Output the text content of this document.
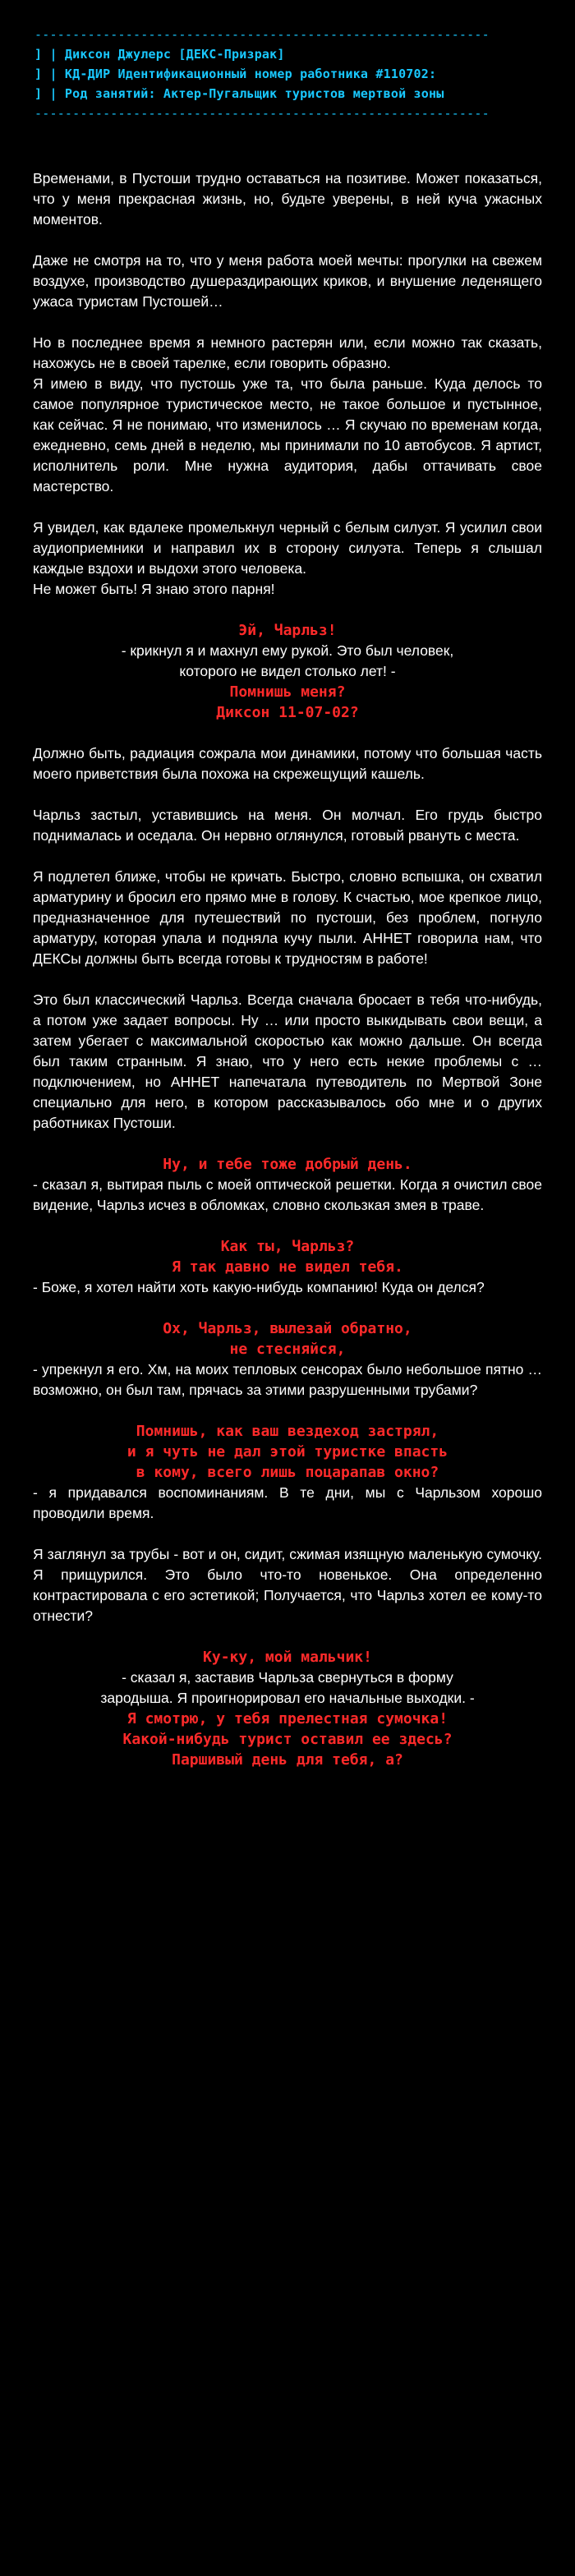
------------------------------------------------------------
] | Диксон Джулерс [ДЕКС-Призрак]
] | КД-ДИР Идентификационный номер работника #110702:
] | Род занятий: Актер-Пугальщик туристов мертвой зоны
------------------------------------------------------------

Временами, в Пустоши трудно оставаться на позитиве. Может показаться, что у меня прекрасная жизнь, но, будьте уверены, в ней куча ужасных моментов.

Даже не смотря на то, что у меня работа моей мечты: прогулки на свежем воздухе, производство душераздирающих криков, и внушение леденящего ужаса туристам Пустошей…

Но в последнее время я немного растерян или, если можно так сказать, нахожусь не в своей тарелке, если говорить образно.
Я имею в виду, что пустошь уже та, что была раньше. Куда делось то самое популярное туристическое место, не такое большое и пустынное, как сейчас. Я не понимаю, что изменилось … Я скучаю по временам когда, ежедневно, семь дней в неделю, мы принимали по 10 автобусов. Я артист, исполнитель роли. Мне нужна аудитория, дабы оттачивать свое мастерство.
Я увидел, как вдалеке промелькнул черный с белым силуэт. Я усилил свои аудиоприемники и направил их в сторону силуэта. Теперь я слышал каждые вздохи и выдохи этого человека.
Не может быть! Я знаю этого парня!
Эй, Чарльз!
- крикнул я и махнул ему рукой. Это был человек,
которого не видел столько лет! -
Помнишь меня?
Диксон 11-07-02?

Должно быть, радиация сожрала мои динамики, потому что большая часть моего приветствия была похожа на скрежещущий кашель.

Чарльз застыл, уставившись на меня. Он молчал. Его грудь быстро поднималась и оседала. Он нервно оглянулся, готовый рвануть с места.

Я подлетел ближе, чтобы не кричать. Быстро, словно вспышка, он схватил арматурину и бросил его прямо мне в голову. К счастью, мое крепкое лицо, предназначенное для путешествий по пустоши, без проблем, погнуло арматуру, которая упала и подняла кучу пыли. AHHET говорила нам, что ДЕКСы должны быть всегда готовы к трудностям в работе!

Это был классический Чарльз. Всегда сначала бросает в тебя что-нибудь, а потом уже задает вопросы. Ну … или просто выкидывать свои вещи, а затем убегает с максимальной скоростью как можно дальше. Он всегда был таким странным. Я знаю, что у него есть некие проблемы с … подключением, но AHHET напечатала путеводитель по Мертвой Зоне специально для него, в котором рассказывалось обо мне и о других работниках Пустоши.

Ну, и тебе тоже добрый день.
- сказал я, вытирая пыль с моей оптической решетки. Когда я очистил свое видение, Чарльз исчез в обломках, словно скользкая змея в траве.
Как ты, Чарльз?
Я так давно не видел тебя.
- Боже, я хотел найти хоть какую-нибудь компанию! Куда он делся?
Ох, Чарльз, вылезай обратно,
не стесняйся,
- упрекнул я его. Хм, на моих тепловых сенсорах было небольшое пятно … возможно, он был там, прячась за этими разрушенными трубами?
Помнишь, как ваш вездеход застрял,
и я чуть не дал этой туристке впасть
в кому, всего лишь поцарапав окно?
- я придавался воспоминаниям. В те дни, мы с Чарльзом хорошо проводили время.

Я заглянул за трубы - вот и он, сидит, сжимая изящную маленькую сумочку. Я прищурился. Это было что-то новенькое. Она определенно контрастировала с его эстетикой; Получается, что Чарльз хотел ее кому-то отнести?

Ку-ку, мой мальчик!
- сказал я, заставив Чарльза свернуться в форму
зародыша. Я проигнорировал его начальные выходки. -
Я смотрю, у тебя прелестная сумочка!
Какой-нибудь турист оставил ее здесь?
Паршивый день для тебя, а?
